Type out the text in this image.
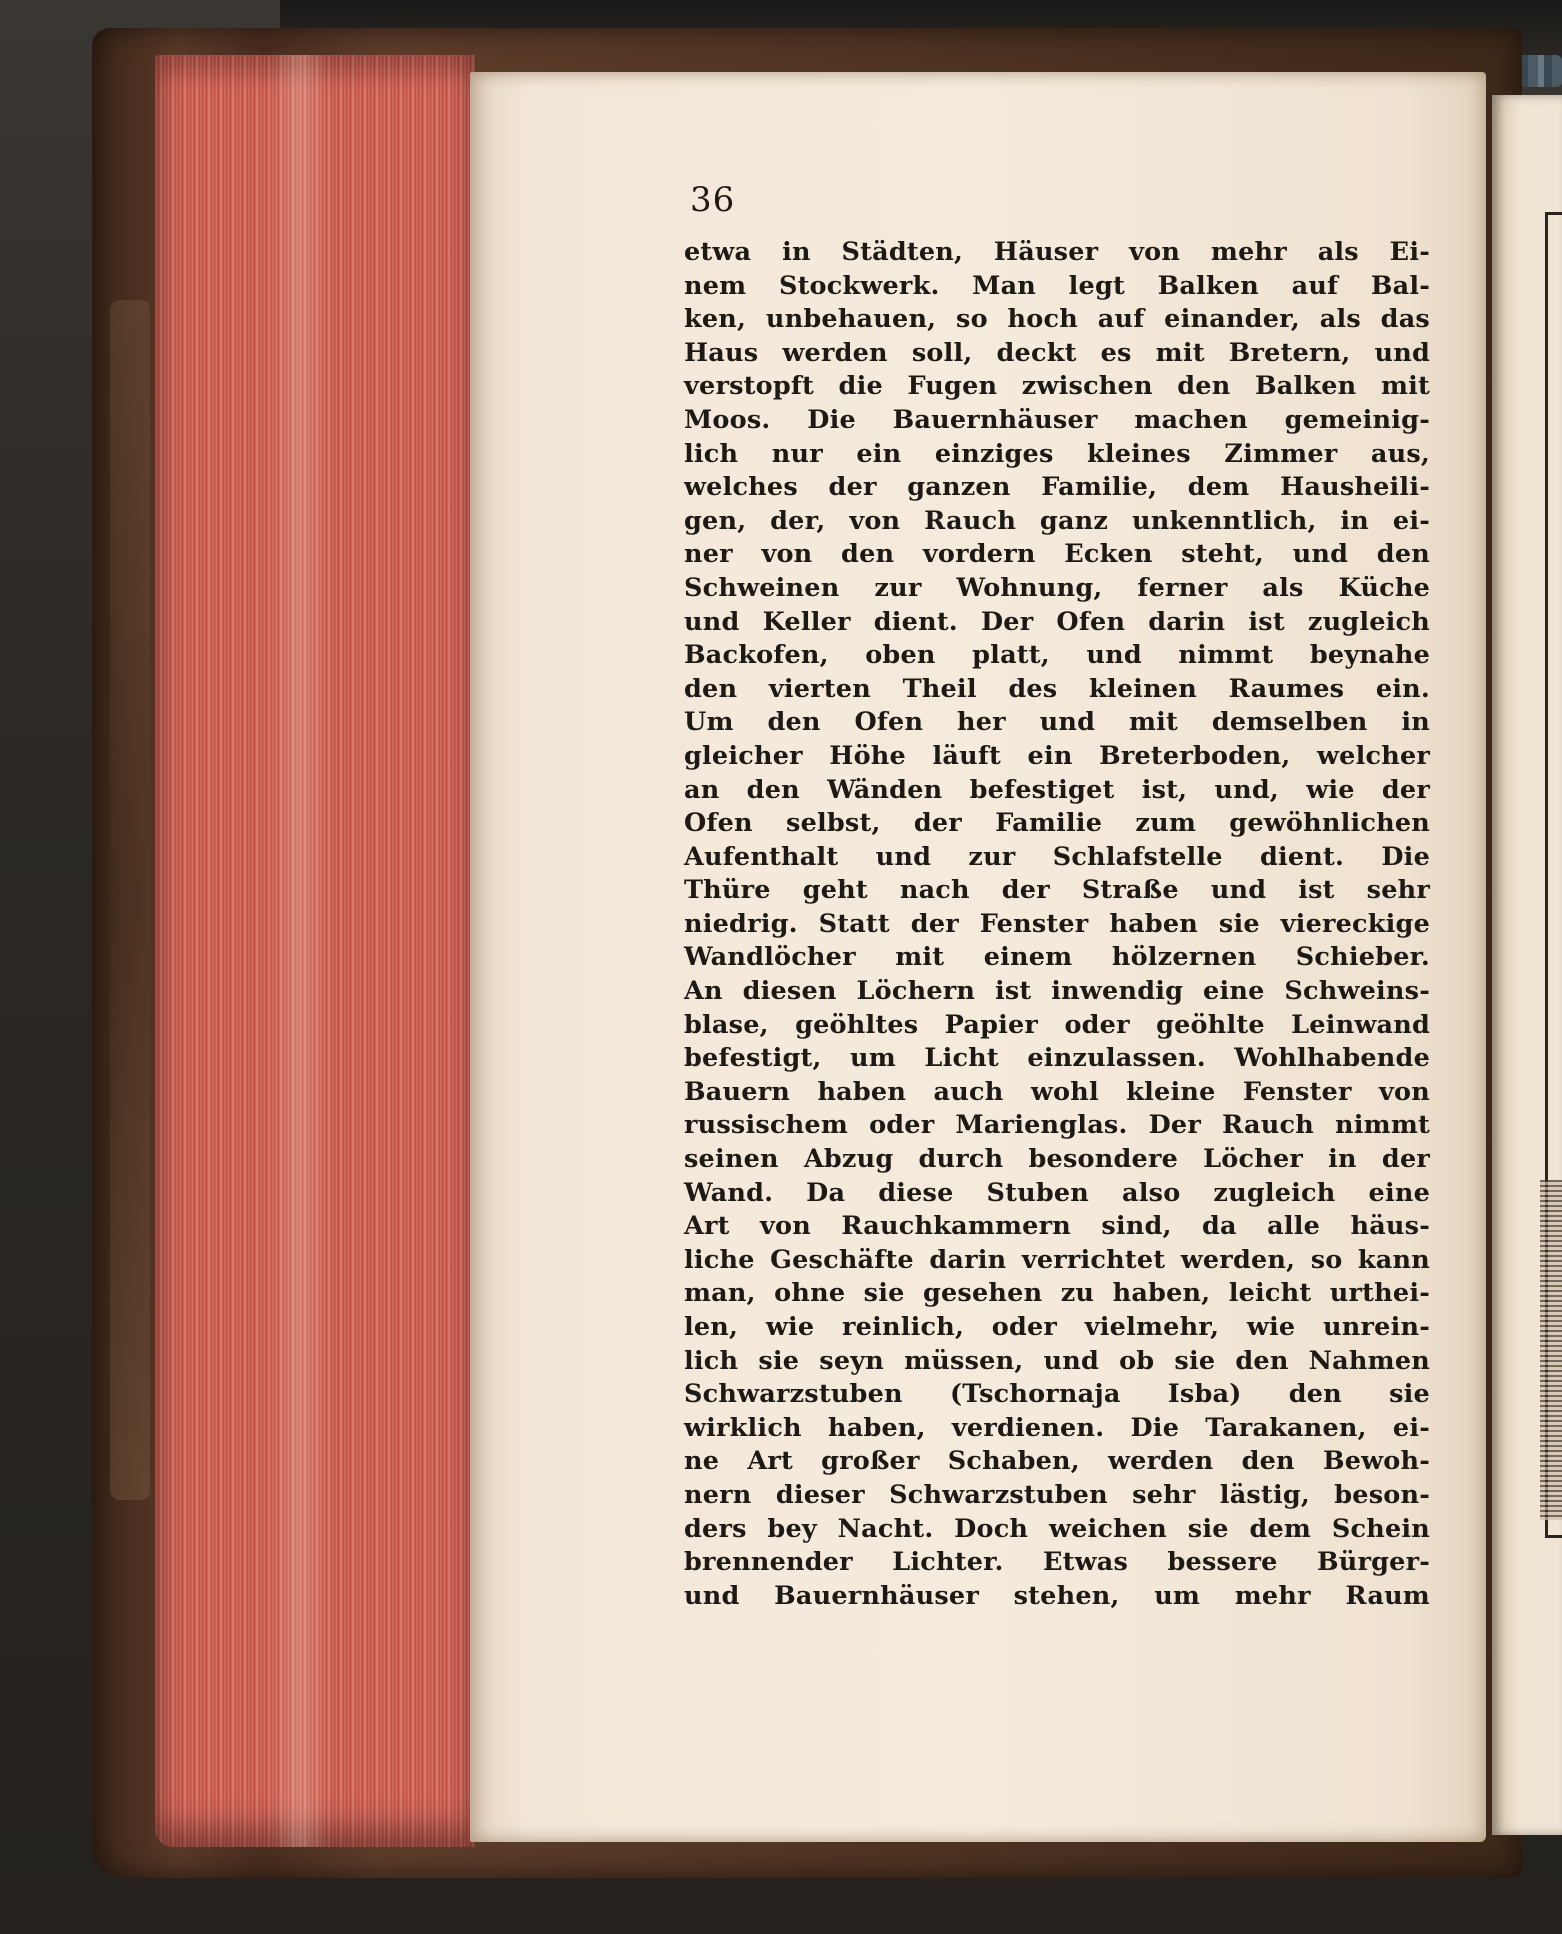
36
etwa in Städten, Häuser von mehr als Ei-
nem Stockwerk. Man legt Balken auf Bal-
ken, unbehauen, so hoch auf einander, als das
Haus werden soll, deckt es mit Bretern, und
verstopft die Fugen zwischen den Balken mit
Moos. Die Bauernhäuser machen gemeinig-
lich nur ein einziges kleines Zimmer aus,
welches der ganzen Familie, dem Hausheili-
gen, der, von Rauch ganz unkenntlich, in ei-
ner von den vordern Ecken steht, und den
Schweinen zur Wohnung, ferner als Küche
und Keller dient. Der Ofen darin ist zugleich
Backofen, oben platt, und nimmt beynahe
den vierten Theil des kleinen Raumes ein.
Um den Ofen her und mit demselben in
gleicher Höhe läuft ein Breterboden, welcher
an den Wänden befestiget ist, und, wie der
Ofen selbst, der Familie zum gewöhnlichen
Aufenthalt und zur Schlafstelle dient. Die
Thüre geht nach der Straße und ist sehr
niedrig. Statt der Fenster haben sie viereckige
Wandlöcher mit einem hölzernen Schieber.
An diesen Löchern ist inwendig eine Schweins-
blase, geöhltes Papier oder geöhlte Leinwand
befestigt, um Licht einzulassen. Wohlhabende
Bauern haben auch wohl kleine Fenster von
russischem oder Marienglas. Der Rauch nimmt
seinen Abzug durch besondere Löcher in der
Wand. Da diese Stuben also zugleich eine
Art von Rauchkammern sind, da alle häus-
liche Geschäfte darin verrichtet werden, so kann
man, ohne sie gesehen zu haben, leicht urthei-
len, wie reinlich, oder vielmehr, wie unrein-
lich sie seyn müssen, und ob sie den Nahmen
Schwarzstuben (Tschornaja Isba) den sie
wirklich haben, verdienen. Die Tarakanen, ei-
ne Art großer Schaben, werden den Bewoh-
nern dieser Schwarzstuben sehr lästig, beson-
ders bey Nacht. Doch weichen sie dem Schein
brennender Lichter. Etwas bessere Bürger-
und Bauernhäuser stehen, um mehr Raum
